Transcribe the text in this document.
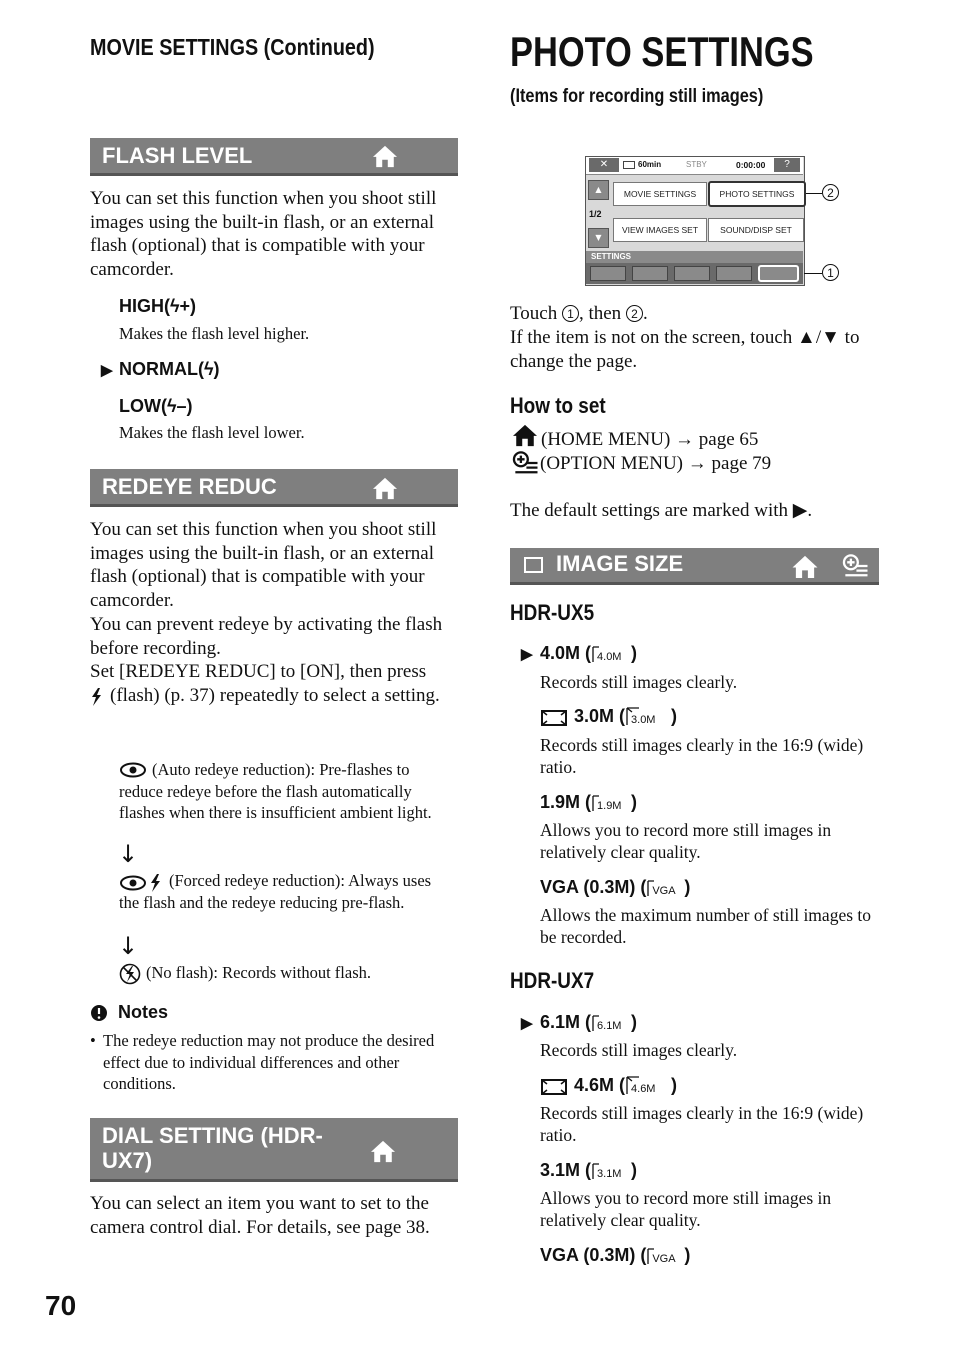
MOVIE SETTINGS (Continued)
FLASH LEVEL
You can set this function when you shoot still images using the built-in flash, or an external flash (optional) that is compatible with your camcorder.
HIGH(ϟ+)
Makes the flash level higher.
▶ NORMAL(ϟ)
LOW(ϟ–)
Makes the flash level lower.
REDEYE REDUC
You can set this function when you shoot still images using the built-in flash, or an external flash (optional) that is compatible with your camcorder.
You can prevent redeye by activating the flash before recording.
Set [REDEYE REDUC] to [ON], then press
(flash) (p. 37) repeatedly to select a setting.
(Auto redeye reduction): Pre-flashes to reduce redeye before the flash automatically flashes when there is insufficient ambient light.
↓
(Forced redeye reduction): Always uses the flash and the redeye reducing pre-flash.
↓
(No flash): Records without flash.
Notes
• The redeye reduction may not produce the desired effect due to individual differences and other conditions.
DIAL SETTING (HDR-
UX7)
You can select an item you want to set to the camera control dial. For details, see page 38.
70
PHOTO SETTINGS
(Items for recording still images)
✕	60min	STBY	0:00:00	?
▲
1/2
▼
MOVIE SETTINGS	PHOTO SETTINGS
VIEW IMAGES SET	SOUND/DISP SET
SETTINGS
2
1
Touch 1 , then 2 .
If the item is not on the screen, touch ▲/▼ to change the page.
How to set
(HOME MENU) → page 65
(OPTION MENU) → page 79
The default settings are marked with ▶.
IMAGE SIZE
HDR-UX5
▶ 4.0M ( 4.0M )
Records still images clearly.
3.0M ( 3.0M )
Records still images clearly in the 16:9 (wide) ratio.
1.9M ( 1.9M )
Allows you to record more still images in relatively clear quality.
VGA (0.3M) ( VGA )
Allows the maximum number of still images to be recorded.
HDR-UX7
▶ 6.1M ( 6.1M )
Records still images clearly.
4.6M ( 4.6M )
Records still images clearly in the 16:9 (wide) ratio.
3.1M ( 3.1M )
Allows you to record more still images in relatively clear quality.
VGA (0.3M) ( VGA )
